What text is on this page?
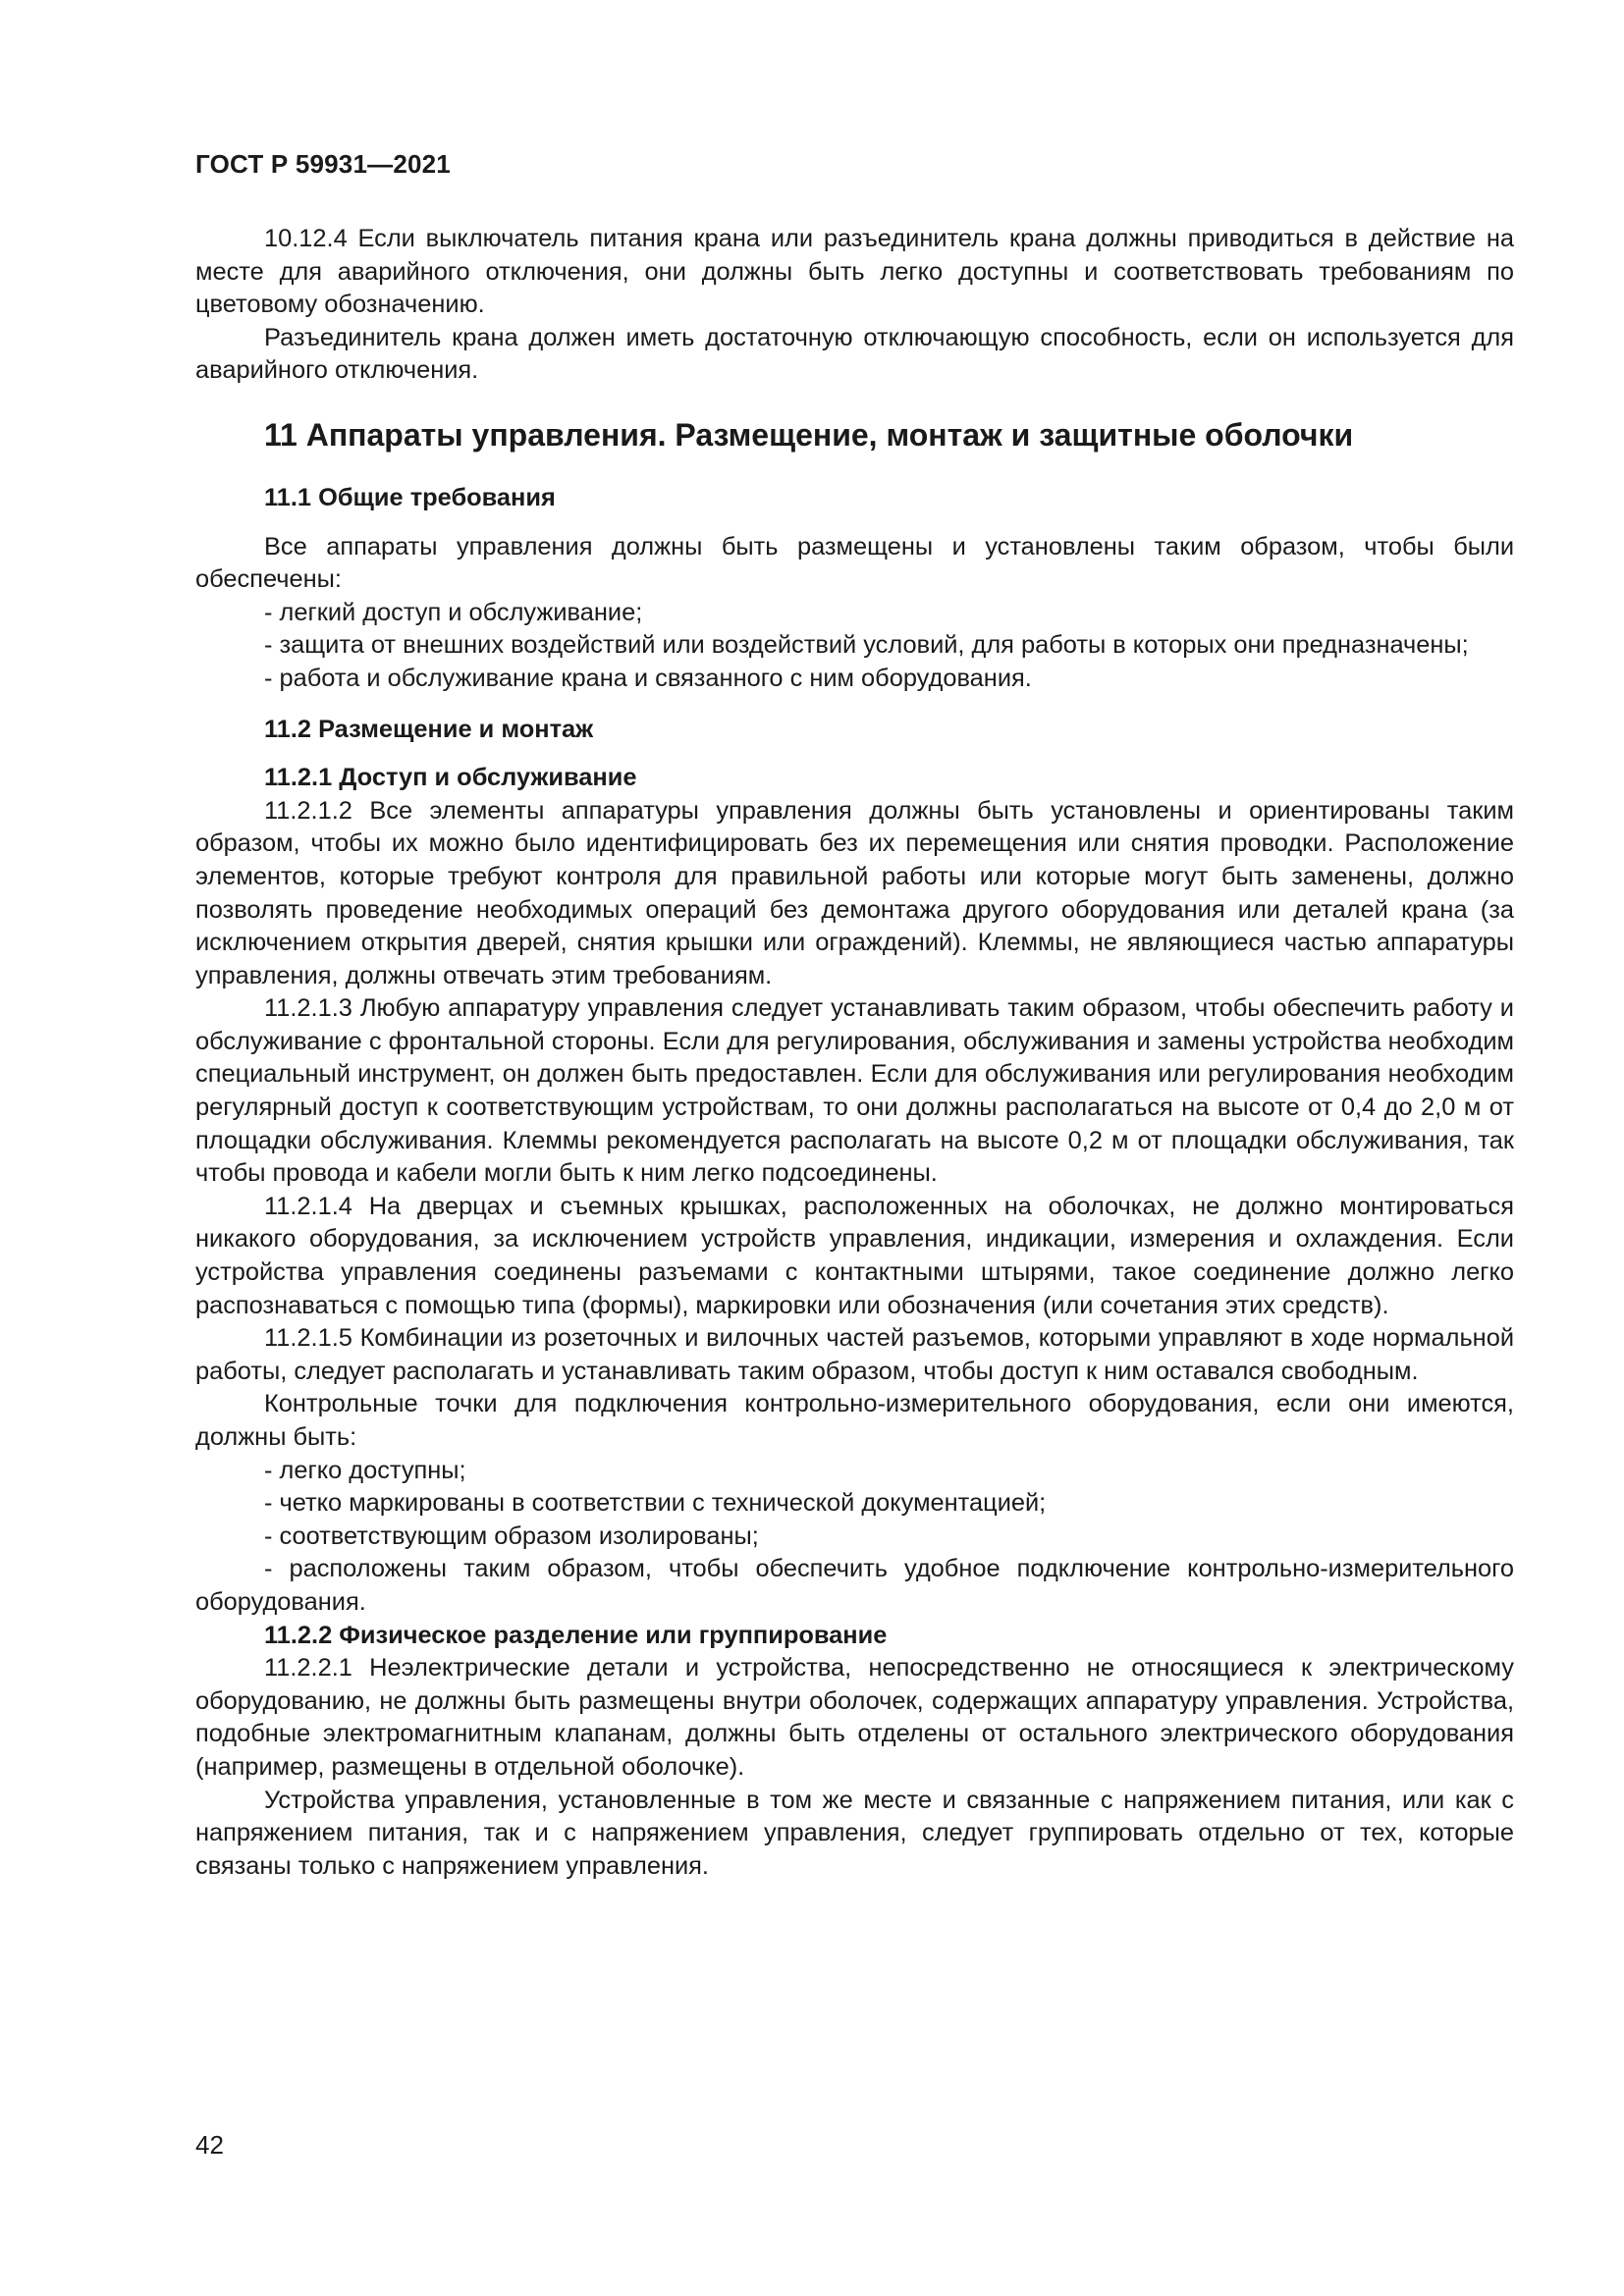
ГОСТ Р 59931—2021

10.12.4 Если выключатель питания крана или разъединитель крана должны приводиться в действие на месте для аварийного отключения, они должны быть легко доступны и соответствовать требованиям по цветовому обозначению.

Разъединитель крана должен иметь достаточную отключающую способность, если он используется для аварийного отключения.

11 Аппараты управления. Размещение, монтаж и защитные оболочки
11.1 Общие требования

Все аппараты управления должны быть размещены и установлены таким образом, чтобы были обеспечены:

- легкий доступ и обслуживание;

- защита от внешних воздействий или воздействий условий, для работы в которых они предназначены;

- работа и обслуживание крана и связанного с ним оборудования.

11.2 Размещение и монтаж
11.2.1 Доступ и обслуживание

11.2.1.2 Все элементы аппаратуры управления должны быть установлены и ориентированы таким образом, чтобы их можно было идентифицировать без их перемещения или снятия проводки. Расположение элементов, которые требуют контроля для правильной работы или которые могут быть заменены, должно позволять проведение необходимых операций без демонтажа другого оборудования или деталей крана (за исключением открытия дверей, снятия крышки или ограждений). Клеммы, не являющиеся частью аппаратуры управления, должны отвечать этим требованиям.

11.2.1.3 Любую аппаратуру управления следует устанавливать таким образом, чтобы обеспечить работу и обслуживание с фронтальной стороны. Если для регулирования, обслуживания и замены устройства необходим специальный инструмент, он должен быть предоставлен. Если для обслуживания или регулирования необходим регулярный доступ к соответствующим устройствам, то они должны располагаться на высоте от 0,4 до 2,0 м от площадки обслуживания. Клеммы рекомендуется располагать на высоте 0,2 м от площадки обслуживания, так чтобы провода и кабели могли быть к ним легко подсоединены.

11.2.1.4 На дверцах и съемных крышках, расположенных на оболочках, не должно монтироваться никакого оборудования, за исключением устройств управления, индикации, измерения и охлаждения. Если устройства управления соединены разъемами с контактными штырями, такое соединение должно легко распознаваться с помощью типа (формы), маркировки или обозначения (или сочетания этих средств).

11.2.1.5 Комбинации из розеточных и вилочных частей разъемов, которыми управляют в ходе нормальной работы, следует располагать и устанавливать таким образом, чтобы доступ к ним оставался свободным.

Контрольные точки для подключения контрольно-измерительного оборудования, если они имеются, должны быть:

- легко доступны;

- четко маркированы в соответствии с технической документацией;

- соответствующим образом изолированы;

- расположены таким образом, чтобы обеспечить удобное подключение контрольно-измерительного оборудования.

11.2.2 Физическое разделение или группирование

11.2.2.1 Неэлектрические детали и устройства, непосредственно не относящиеся к электрическому оборудованию, не должны быть размещены внутри оболочек, содержащих аппаратуру управления. Устройства, подобные электромагнитным клапанам, должны быть отделены от остального электрического оборудования (например, размещены в отдельной оболочке).

Устройства управления, установленные в том же месте и связанные с напряжением питания, или как с напряжением питания, так и с напряжением управления, следует группировать отдельно от тех, которые связаны только с напряжением управления.

42
